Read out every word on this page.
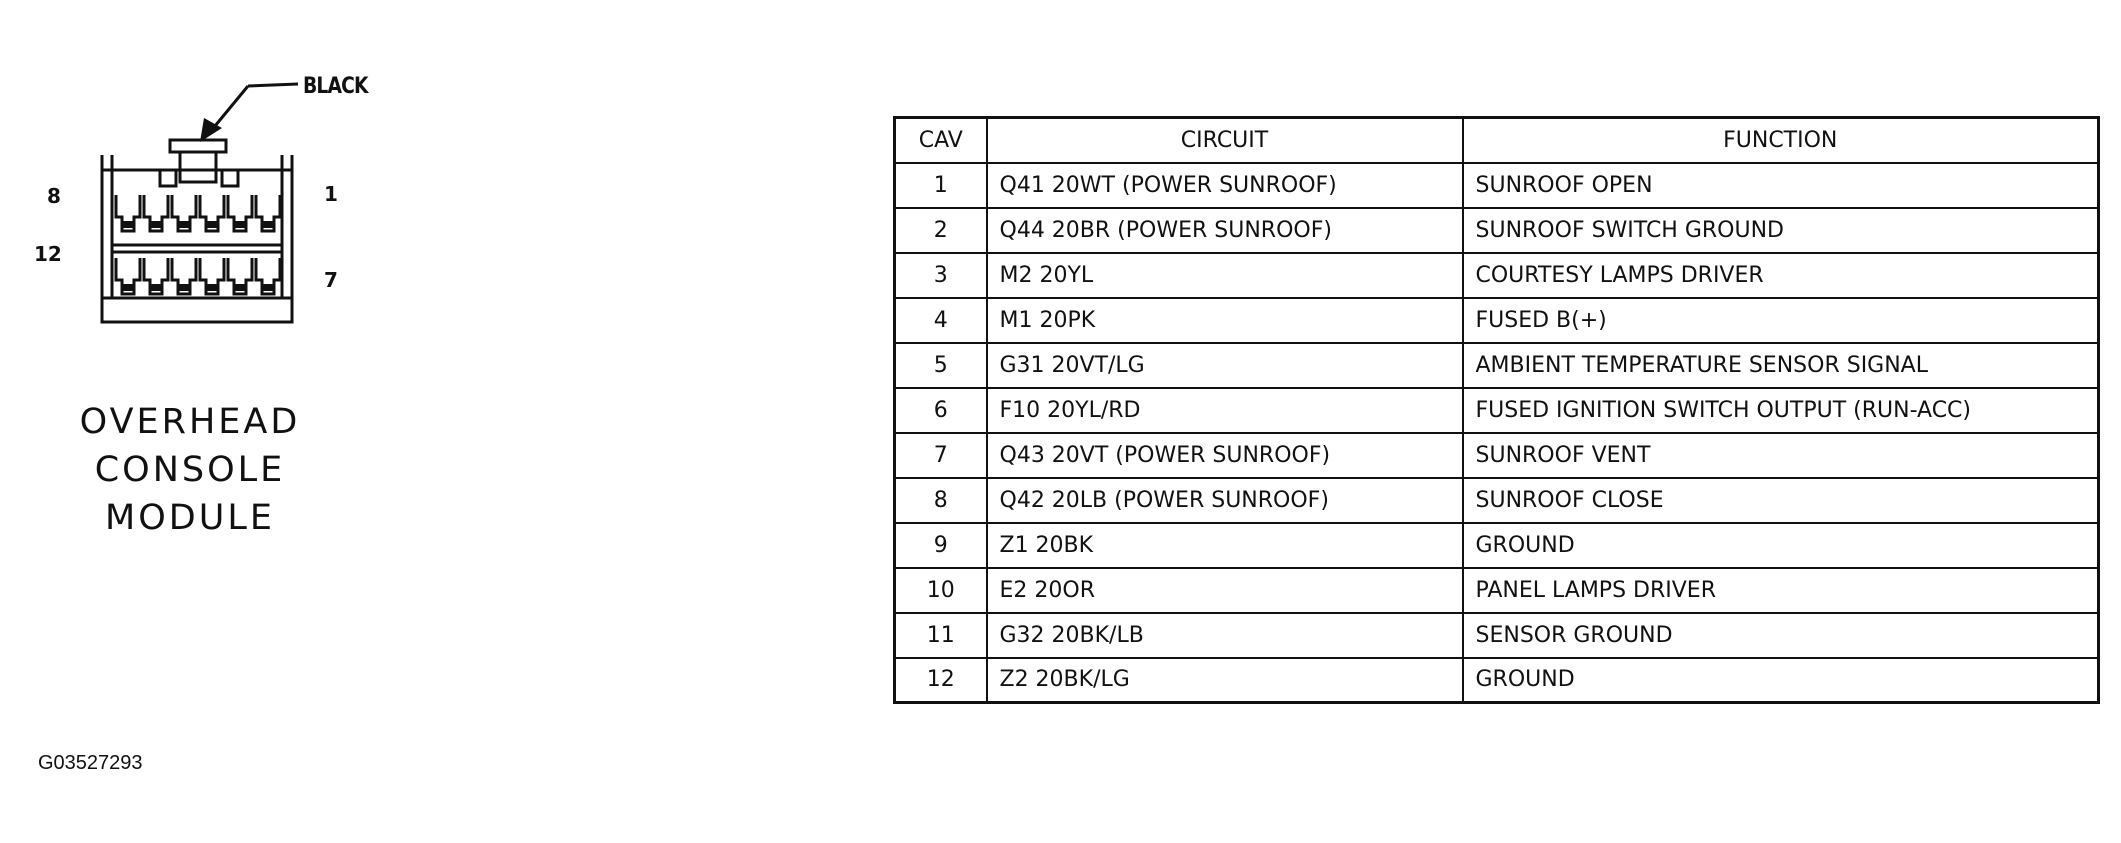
BLACK
8
12
1
7
OVERHEAD
CONSOLE
MODULE
CAV	CIRCUIT	FUNCTION
1	Q41 20WT (POWER SUNROOF)	SUNROOF OPEN
2	Q44 20BR (POWER SUNROOF)	SUNROOF SWITCH GROUND
3	M2 20YL	COURTESY LAMPS DRIVER
4	M1 20PK	FUSED B(+)
5	G31 20VT/LG	AMBIENT TEMPERATURE SENSOR SIGNAL
6	F10 20YL/RD	FUSED IGNITION SWITCH OUTPUT (RUN-ACC)
7	Q43 20VT (POWER SUNROOF)	SUNROOF VENT
8	Q42 20LB (POWER SUNROOF)	SUNROOF CLOSE
9	Z1 20BK	GROUND
10	E2 20OR	PANEL LAMPS DRIVER
11	G32 20BK/LB	SENSOR GROUND
12	Z2 20BK/LG	GROUND
G03527293
